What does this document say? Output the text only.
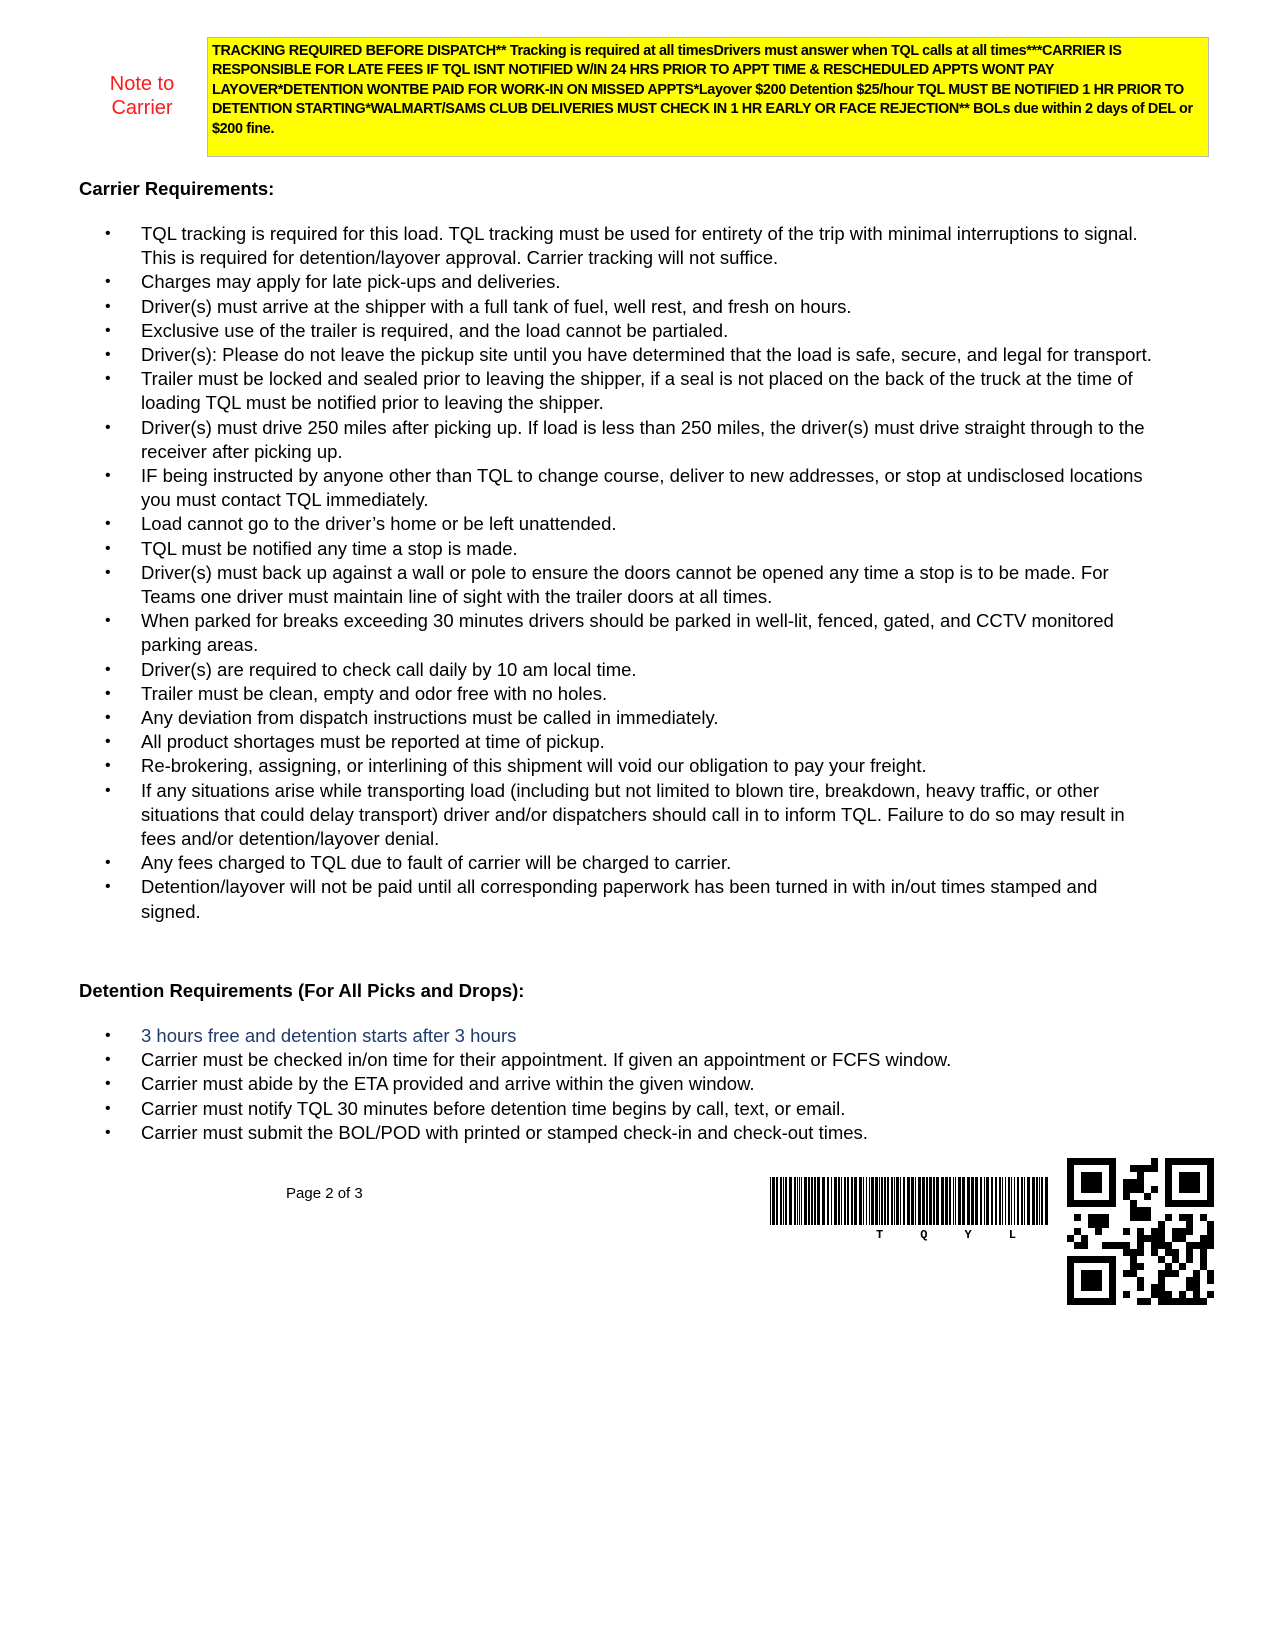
Note to Carrier
TRACKING REQUIRED BEFORE DISPATCH** Tracking is required at all timesDrivers must answer when TQL calls at all times***CARRIER IS RESPONSIBLE FOR LATE FEES IF TQL ISNT NOTIFIED W/IN 24 HRS PRIOR TO APPT TIME & RESCHEDULED APPTS WONT PAY LAYOVER*DETENTION WONTBE PAID FOR WORK-IN ON MISSED APPTS*Layover $200 Detention $25/hour TQL MUST BE NOTIFIED 1 HR PRIOR TO DETENTION STARTING*WALMART/SAMS CLUB DELIVERIES MUST CHECK IN 1 HR EARLY OR FACE REJECTION** BOLs due within 2 days of DEL or $200 fine.
Carrier Requirements:
•	TQL tracking is required for this load. TQL tracking must be used for entirety of the trip with minimal interruptions to signal. This is required for detention/layover approval. Carrier tracking will not suffice.
•	Charges may apply for late pick-ups and deliveries.
•	Driver(s) must arrive at the shipper with a full tank of fuel, well rest, and fresh on hours.
•	Exclusive use of the trailer is required, and the load cannot be partialed.
•	Driver(s): Please do not leave the pickup site until you have determined that the load is safe, secure, and legal for transport.
•	Trailer must be locked and sealed prior to leaving the shipper, if a seal is not placed on the back of the truck at the time of loading TQL must be notified prior to leaving the shipper.
•	Driver(s) must drive 250 miles after picking up. If load is less than 250 miles, the driver(s) must drive straight through to the receiver after picking up.
•	IF being instructed by anyone other than TQL to change course, deliver to new addresses, or stop at undisclosed locations you must contact TQL immediately.
•	Load cannot go to the driver’s home or be left unattended.
•	TQL must be notified any time a stop is made.
•	Driver(s) must back up against a wall or pole to ensure the doors cannot be opened any time a stop is to be made. For Teams one driver must maintain line of sight with the trailer doors at all times.
•	When parked for breaks exceeding 30 minutes drivers should be parked in well-lit, fenced, gated, and CCTV monitored parking areas.
•	Driver(s) are required to check call daily by 10 am local time.
•	Trailer must be clean, empty and odor free with no holes.
•	Any deviation from dispatch instructions must be called in immediately.
•	All product shortages must be reported at time of pickup.
•	Re-brokering, assigning, or interlining of this shipment will void our obligation to pay your freight.
•	If any situations arise while transporting load (including but not limited to blown tire, breakdown, heavy traffic, or other situations that could delay transport) driver and/or dispatchers should call in to inform TQL. Failure to do so may result in fees and/or detention/layover denial.
•	Any fees charged to TQL due to fault of carrier will be charged to carrier.
•	Detention/layover will not be paid until all corresponding paperwork has been turned in with in/out times stamped and signed.
Detention Requirements (For All Picks and Drops):
•	3 hours free and detention starts after 3 hours
•	Carrier must be checked in/on time for their appointment. If given an appointment or FCFS window.
•	Carrier must abide by the ETA provided and arrive within the given window.
•	Carrier must notify TQL 30 minutes before detention time begins by call, text, or email.
•	Carrier must submit the BOL/POD with printed or stamped check-in and check-out times.
Page 2 of 3
T	Q	Y	L
